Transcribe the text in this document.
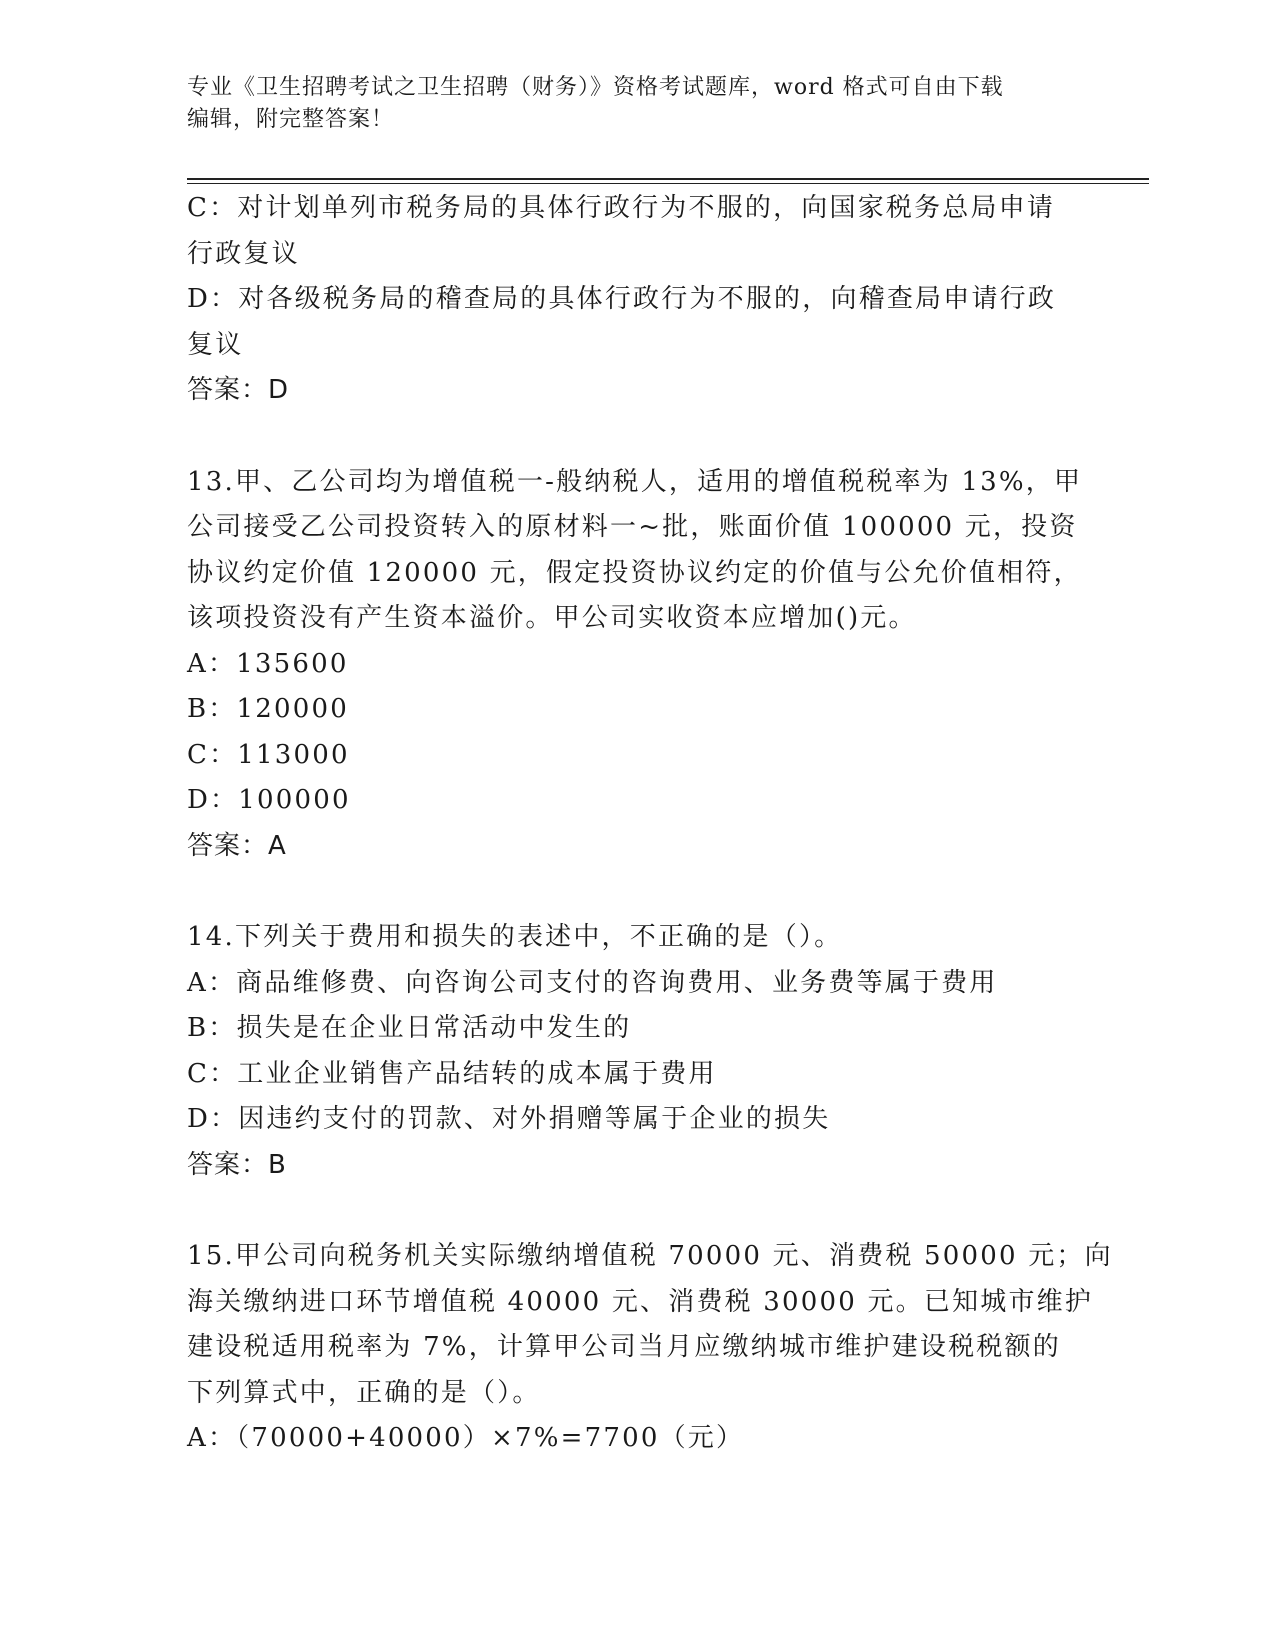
专业《卫生招聘考试之卫生招聘（财务）》资格考试题库，word 格式可自由下载
编辑，附完整答案！
C：对计划单列市税务局的具体行政行为不服的，向国家税务总局申请
行政复议
D：对各级税务局的稽查局的具体行政行为不服的，向稽查局申请行政
复议
答案：D
13.甲、乙公司均为增值税一-般纳税人，适用的增值税税率为 13%，甲
公司接受乙公司投资转入的原材料一~批，账面价值 100000 元，投资
协议约定价值 120000 元，假定投资协议约定的价值与公允价值相符，
该项投资没有产生资本溢价。甲公司实收资本应增加()元。
A：135600
B：120000
C：113000
D：100000
答案：A
14.下列关于费用和损失的表述中，不正确的是（）。
A：商品维修费、向咨询公司支付的咨询费用、业务费等属于费用
B：损失是在企业日常活动中发生的
C：工业企业销售产品结转的成本属于费用
D：因违约支付的罚款、对外捐赠等属于企业的损失
答案：B
15.甲公司向税务机关实际缴纳增值税 70000 元、消费税 50000 元；向
海关缴纳进口环节增值税 40000 元、消费税 30000 元。已知城市维护
建设税适用税率为 7%，计算甲公司当月应缴纳城市维护建设税税额的
下列算式中，正确的是（）。
A：（70000+40000）×7%=7700（元）
